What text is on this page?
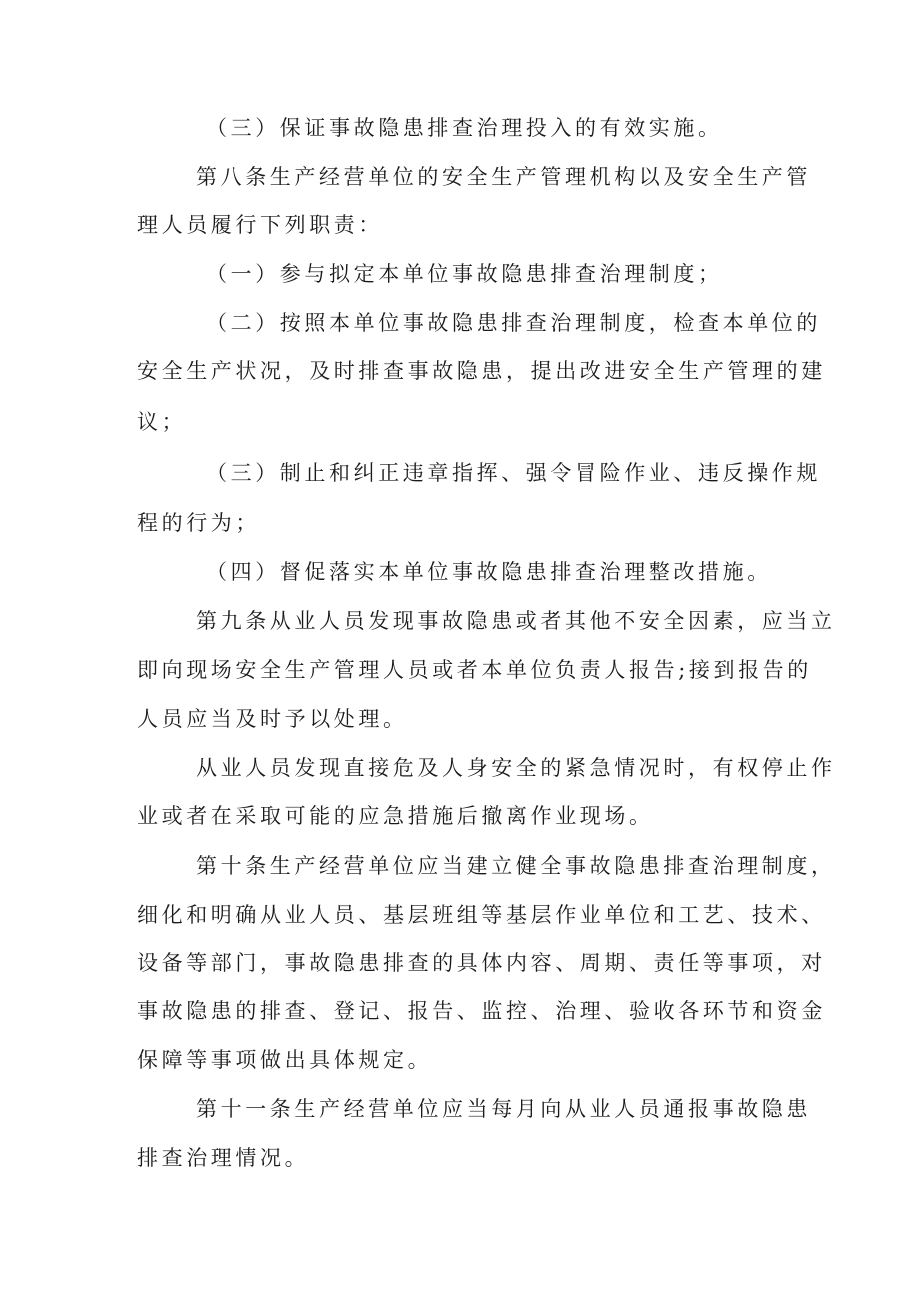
（三）保证事故隐患排查治理投入的有效实施。
第八条生产经营单位的安全生产管理机构以及安全生产管
理人员履行下列职责：
（一）参与拟定本单位事故隐患排查治理制度；
（二）按照本单位事故隐患排查治理制度，检查本单位的
安全生产状况，及时排查事故隐患，提出改进安全生产管理的建
议；
（三）制止和纠正违章指挥、强令冒险作业、违反操作规
程的行为；
（四）督促落实本单位事故隐患排查治理整改措施。
第九条从业人员发现事故隐患或者其他不安全因素，应当立
即向现场安全生产管理人员或者本单位负责人报告;接到报告的
人员应当及时予以处理。
从业人员发现直接危及人身安全的紧急情况时，有权停止作
业或者在采取可能的应急措施后撤离作业现场。
第十条生产经营单位应当建立健全事故隐患排查治理制度，
细化和明确从业人员、基层班组等基层作业单位和工艺、技术、
设备等部门，事故隐患排查的具体内容、周期、责任等事项，对
事故隐患的排查、登记、报告、监控、治理、验收各环节和资金
保障等事项做出具体规定。
第十一条生产经营单位应当每月向从业人员通报事故隐患
排查治理情况。
